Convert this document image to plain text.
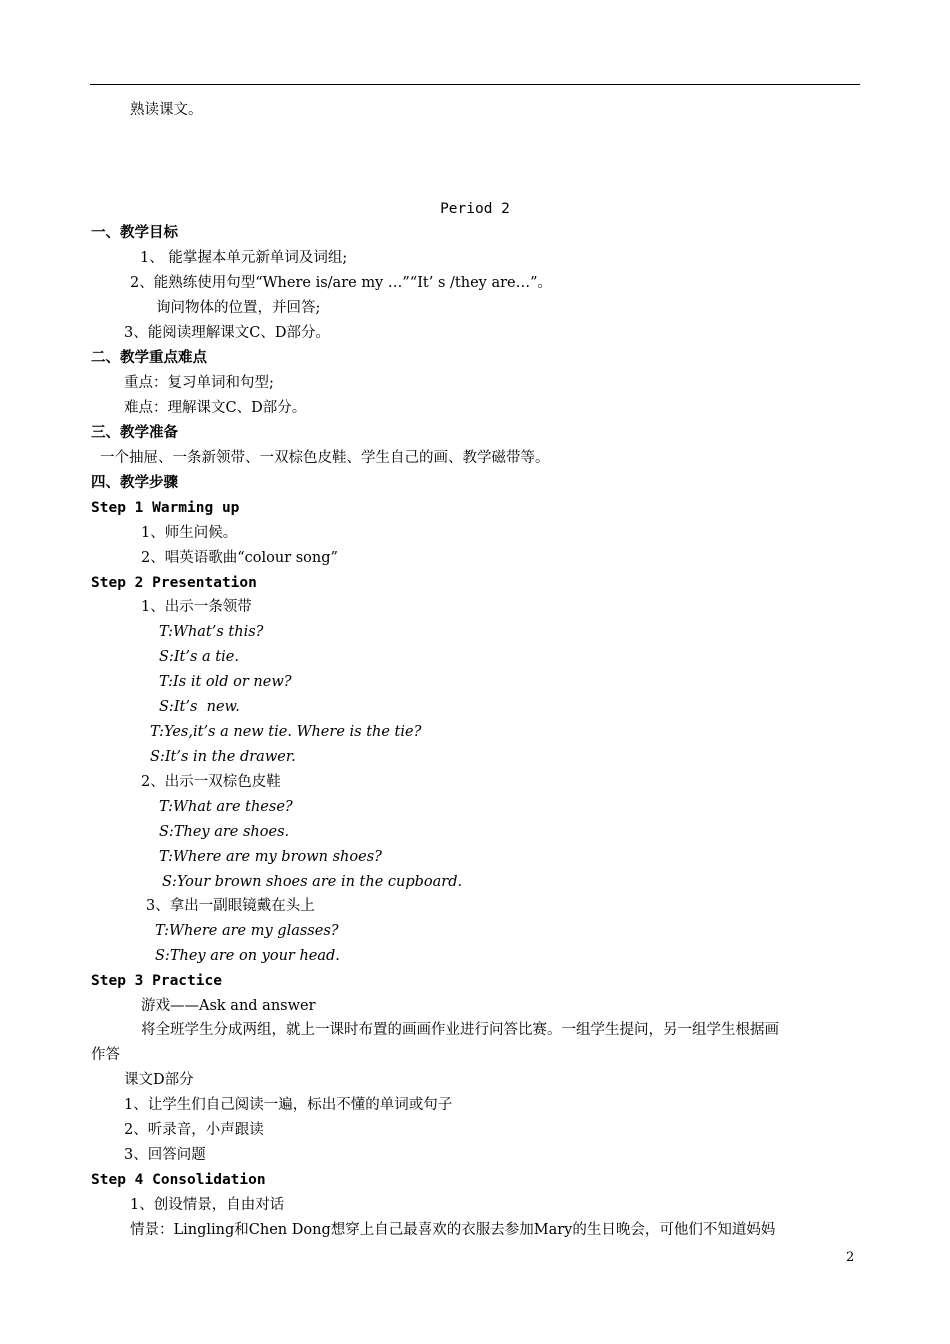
熟读课文。
Period 2
一、教学目标
1、 能掌握本单元新单词及词组;
2、能熟练使用句型“Where is/are my …”“It’ s /they are…”。
询问物体的位置，并回答;
3、能阅读理解课文C、D部分。
二、教学重点难点
重点：复习单词和句型;
难点：理解课文C、D部分。
三、教学准备
一个抽屉、一条新领带、一双棕色皮鞋、学生自己的画、教学磁带等。
四、教学步骤
Step 1 Warming up
1、师生问候。
2、唱英语歌曲“colour song”
Step 2 Presentation
1、出示一条领带
T:What’s this?
S:It’s a tie.
T:Is it old or new?
S:It’s  new.
T:Yes,it’s a new tie. Where is the tie?
S:It’s in the drawer.
2、出示一双棕色皮鞋
T:What are these?
S:They are shoes.
T:Where are my brown shoes?
S:Your brown shoes are in the cupboard.
3、拿出一副眼镜戴在头上
T:Where are my glasses?
S:They are on your head.
Step 3 Practice
游戏——Ask and answer
将全班学生分成两组，就上一课时布置的画画作业进行问答比赛。一组学生提问，另一组学生根据画
作答
课文D部分
1、让学生们自己阅读一遍，标出不懂的单词或句子
2、听录音，小声跟读
3、回答问题
Step 4 Consolidation
1、创设情景，自由对话
情景：Lingling和Chen Dong想穿上自己最喜欢的衣服去参加Mary的生日晚会，可他们不知道妈妈
2
